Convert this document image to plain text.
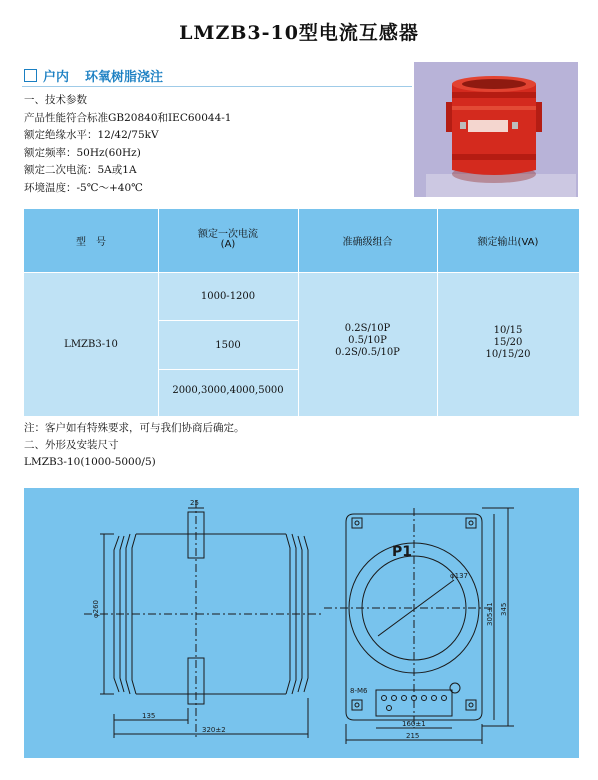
LMZB3-10型电流互感器
户内 环氧树脂浇注
一、技术参数
产品性能符合标准GB20840和IEC60044-1
额定绝缘水平：12/42/75kV
额定频率：50Hz(60Hz)
额定二次电流：5A或1A
环境温度：-5℃～+40℃
型　号
额定一次电流
(A)	准确级组合	额定输出(VA)
LMZB3-10
1000-1200
1500
2000,3000,4000,5000
0.2S/10P
0.5/10P
0.2S/0.5/10P
10/15
15/20
10/15/20
注：客户如有特殊要求，可与我们协商后确定。
二、外形及安装尺寸
LMZB3-10(1000-5000/5)
25
φ260
135
320±2
P1
φ137
305±1 345
8-M6
160±1
215
